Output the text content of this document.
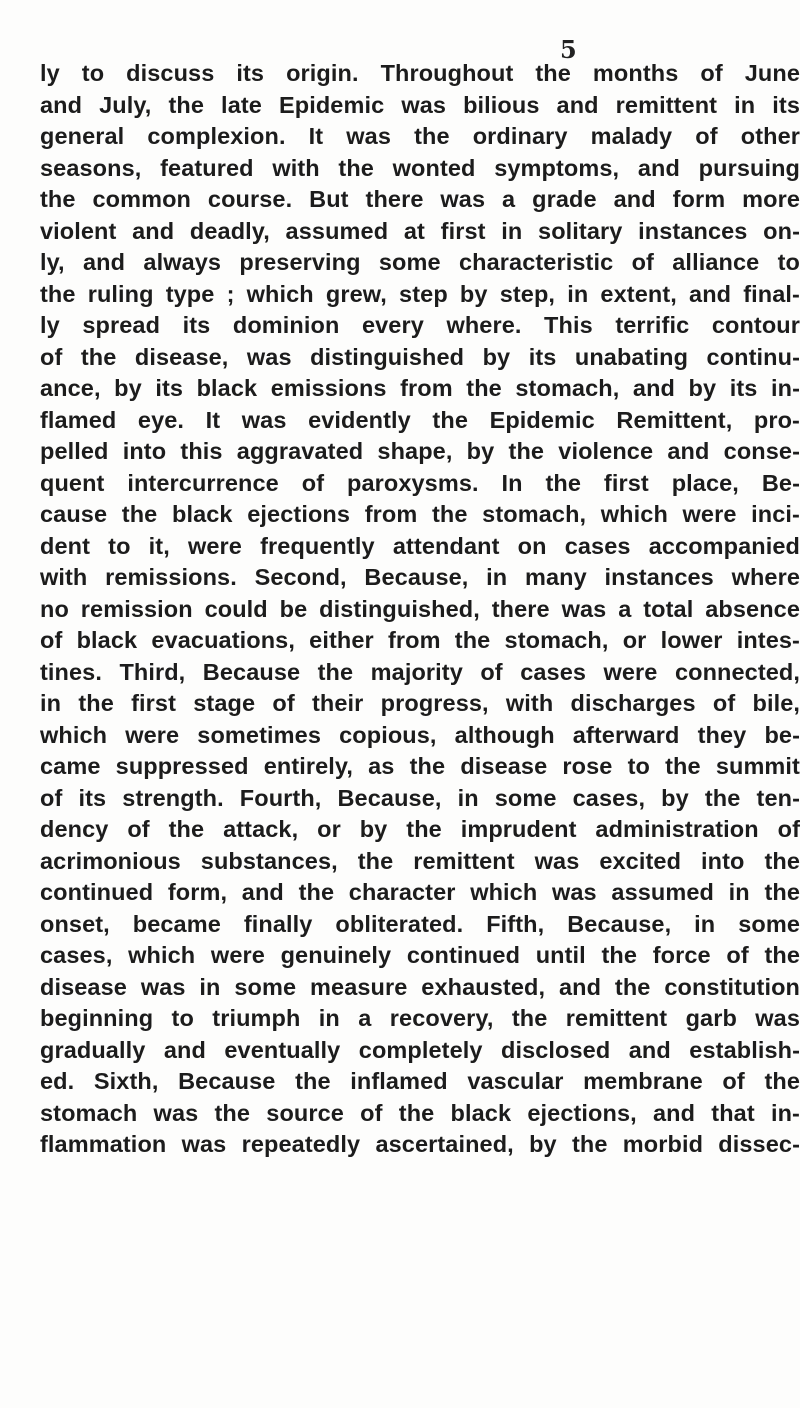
5
ly to discuss its origin. Throughout the months of June
and July, the late Epidemic was bilious and remittent in its
general complexion. It was the ordinary malady of other
seasons, featured with the wonted symptoms, and pursuing
the common course. But there was a grade and form more
violent and deadly, assumed at first in solitary instances on-
ly, and always preserving some characteristic of alliance to
the ruling type ; which grew, step by step, in extent, and final-
ly spread its dominion every where. This terrific contour
of the disease, was distinguished by its unabating continu-
ance, by its black emissions from the stomach, and by its in-
flamed eye. It was evidently the Epidemic Remittent, pro-
pelled into this aggravated shape, by the violence and conse-
quent intercurrence of paroxysms. In the first place, Be-
cause the black ejections from the stomach, which were inci-
dent to it, were frequently attendant on cases accompanied
with remissions. Second, Because, in many instances where
no remission could be distinguished, there was a total absence
of black evacuations, either from the stomach, or lower intes-
tines. Third, Because the majority of cases were connected,
in the first stage of their progress, with discharges of bile,
which were sometimes copious, although afterward they be-
came suppressed entirely, as the disease rose to the summit
of its strength. Fourth, Because, in some cases, by the ten-
dency of the attack, or by the imprudent administration of
acrimonious substances, the remittent was excited into the
continued form, and the character which was assumed in the
onset, became finally obliterated. Fifth, Because, in some
cases, which were genuinely continued until the force of the
disease was in some measure exhausted, and the constitution
beginning to triumph in a recovery, the remittent garb was
gradually and eventually completely disclosed and establish-
ed. Sixth, Because the inflamed vascular membrane of the
stomach was the source of the black ejections, and that in-
flammation was repeatedly ascertained, by the morbid dissec-
